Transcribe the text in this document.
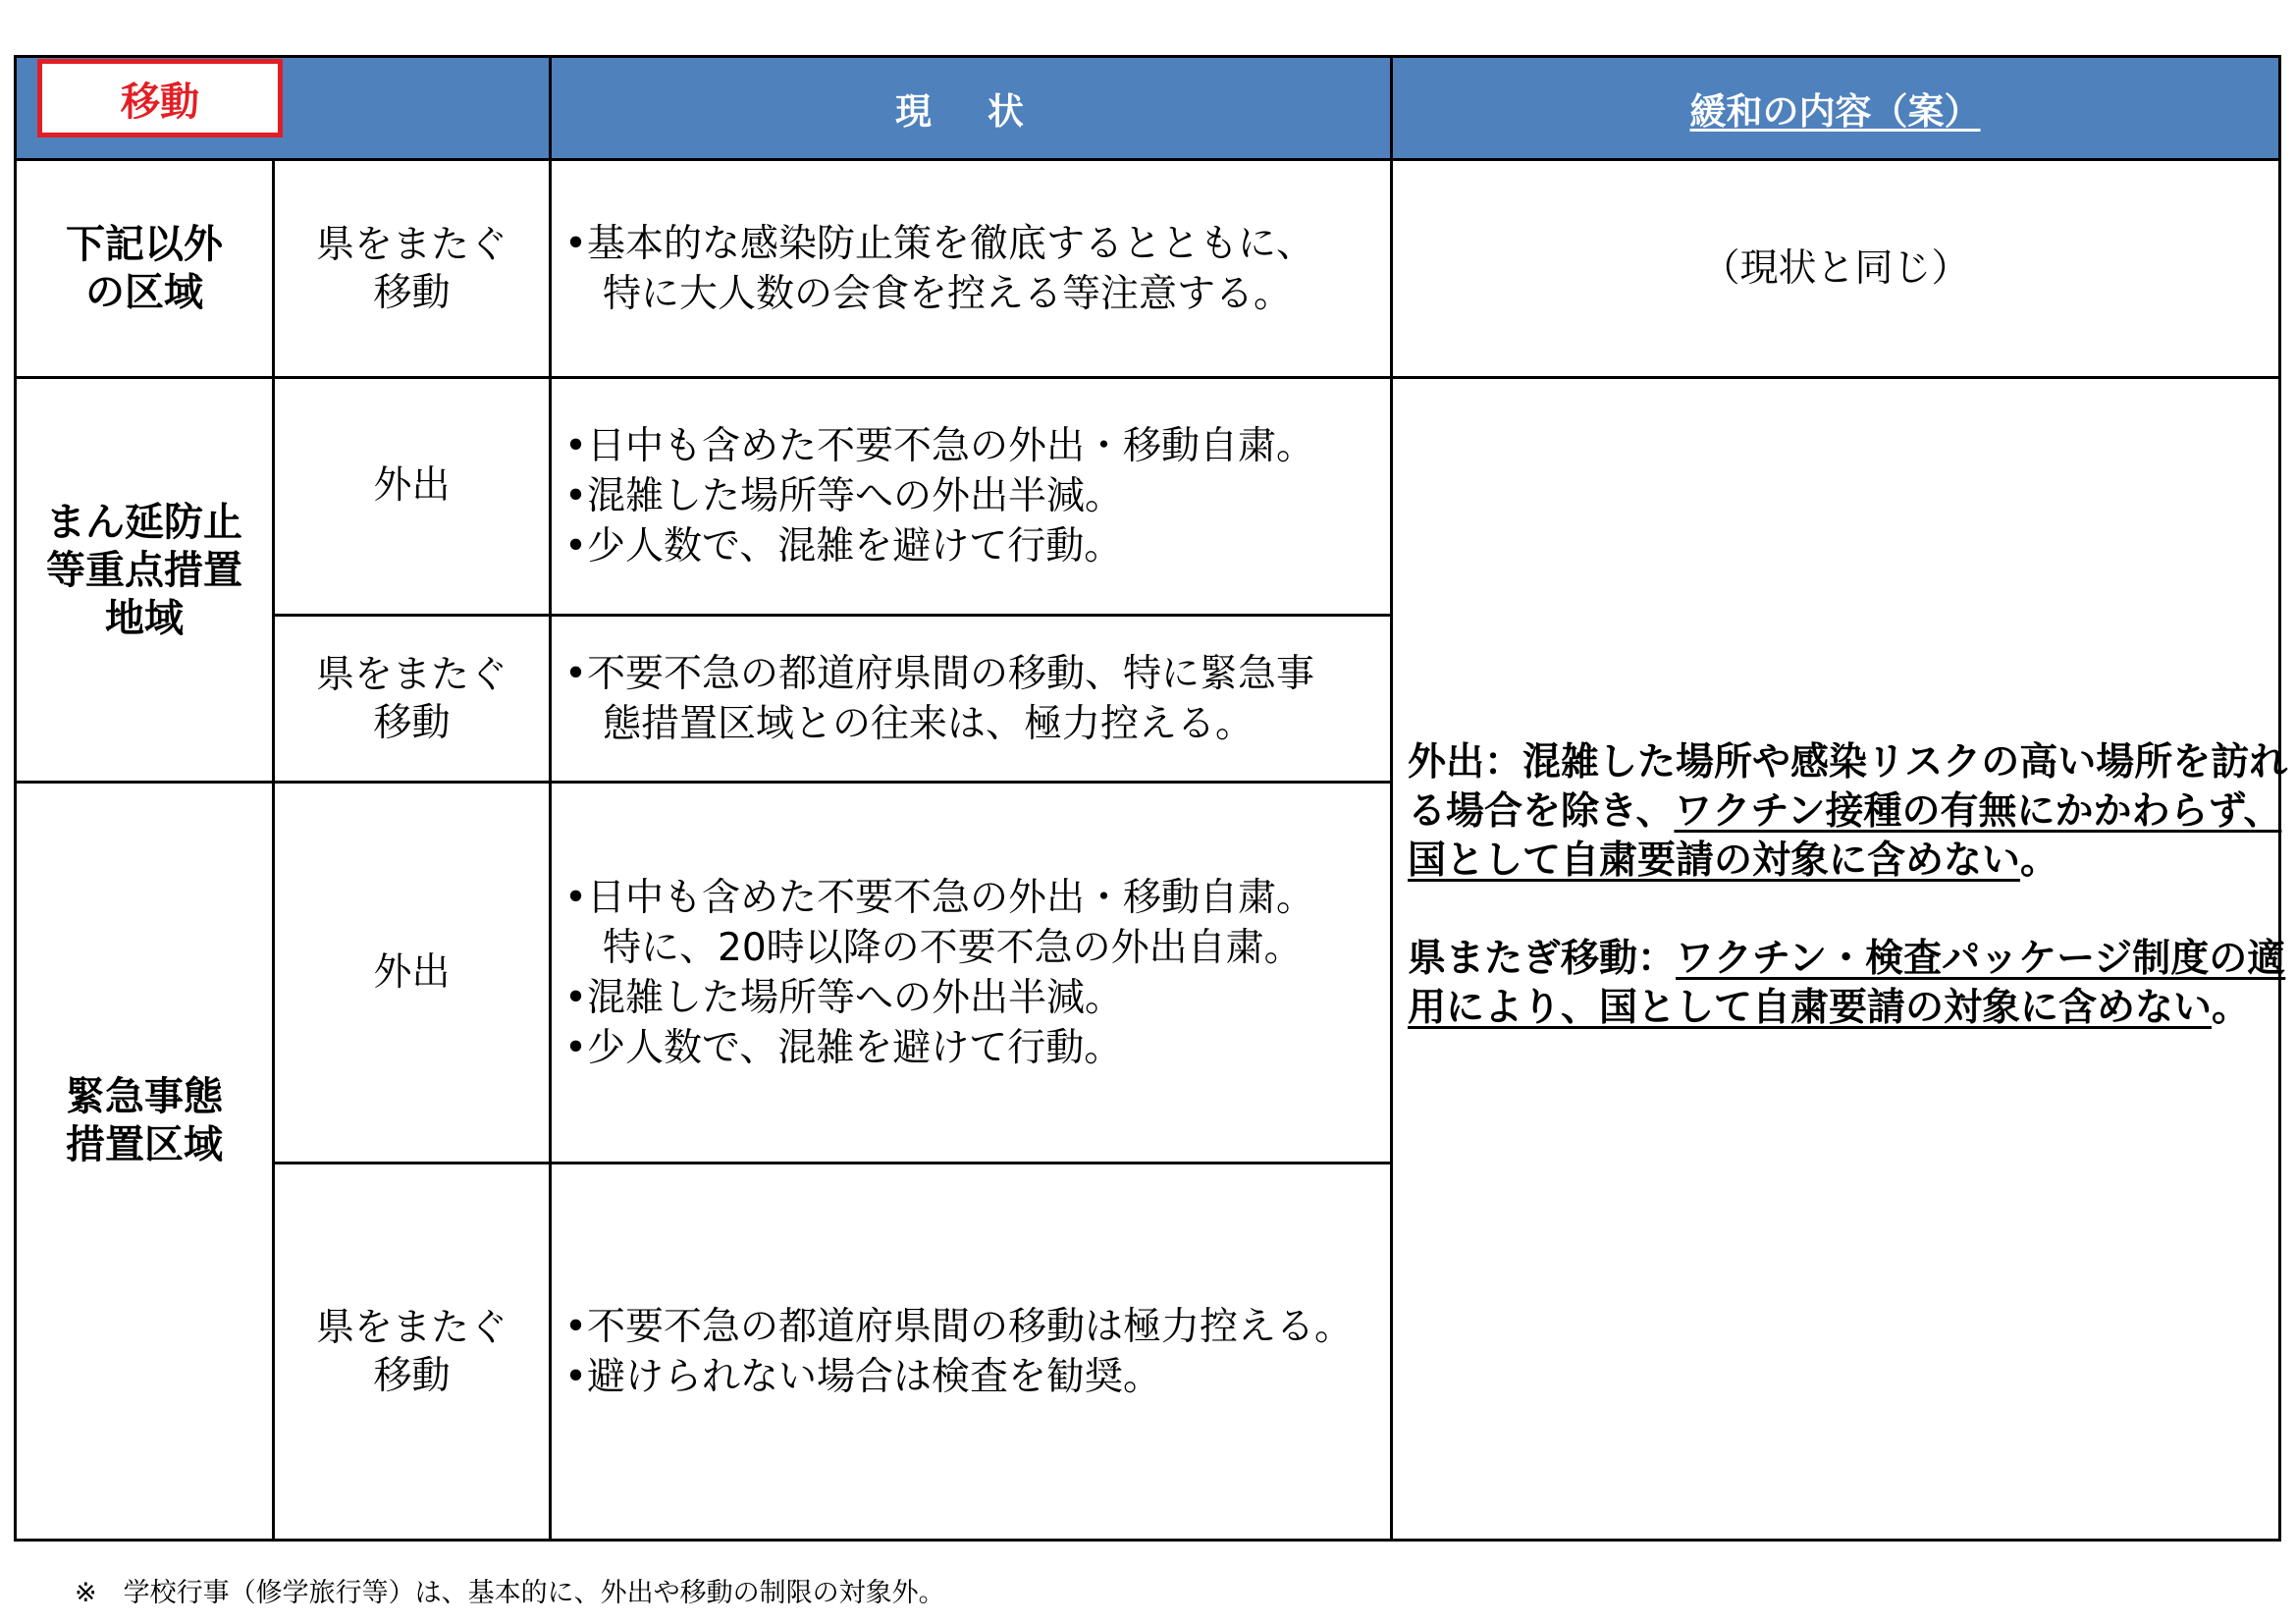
移動	現 状	緩和の内容（案）
下記以外
の区域
県をまたぐ
移動
•基本的な感染防止策を徹底するとともに、
　特に大人数の会食を控える等注意する。
（現状と同じ）
まん延防止
等重点措置
地域
外出
•日中も含めた不要不急の外出・移動自粛。
•混雑した場所等への外出半減。
•少人数で、混雑を避けて行動。
県をまたぐ
移動
•不要不急の都道府県間の移動、特に緊急事
　態措置区域との往来は、極力控える。
緊急事態
措置区域
外出
•日中も含めた不要不急の外出・移動自粛。
　特に、20時以降の不要不急の外出自粛。
•混雑した場所等への外出半減。
•少人数で、混雑を避けて行動。
県をまたぐ
移動
•不要不急の都道府県間の移動は極力控える。
•避けられない場合は検査を勧奨。

外出：混雑した場所や感染リスクの高い場所を訪れる場合を除き、ワクチン接種の有無にかかわらず、国として自粛要請の対象に含めない。

県またぎ移動：ワクチン・検査パッケージ制度の適用により、国として自粛要請の対象に含めない。

※　学校行事（修学旅行等）は、基本的に、外出や移動の制限の対象外。
